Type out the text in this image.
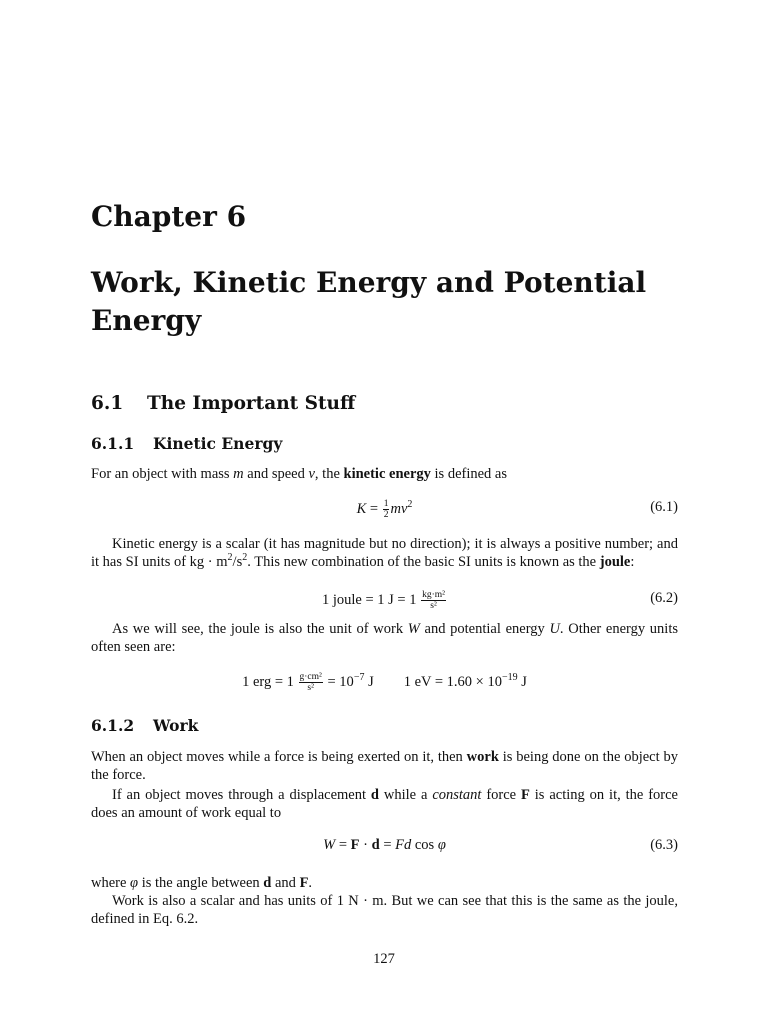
Chapter 6
Work, Kinetic Energy and Potential Energy
6.1 The Important Stuff
6.1.1 Kinetic Energy
For an object with mass m and speed v, the kinetic energy is defined as
$K = \frac{1}{2} mv^2$	(6.1)
Kinetic energy is a scalar (it has magnitude but no direction); it is always a positive number; and it has SI units of kg · $m^2/s^2$. This new combination of the basic SI units is known as the joule:
1 joule = 1 $J = 1 \frac{\text{kg·m²}}{\text{s²}}$	(6.2)
As we will see, the joule is also the unit of work W and potential energy U. Other energy units often seen are:
1 erg = $1 \frac{\text{g·cm²}}{\text{s²}} = 10^{-7}$ J 1 eV = $1.60 \times 10^{-19}$ J
6.1.2 Work
When an object moves while a force is being exerted on it, then work is being done on the object by the force.
If an object moves through a displacement d while a constant force F is acting on it, the force does an amount of work equal to
W = F · d = Fd cos φ	(6.3)
where φ is the angle between d and F.
Work is also a scalar and has units of 1 N · m. But we can see that this is the same as the joule, defined in Eq. 6.2.
127
